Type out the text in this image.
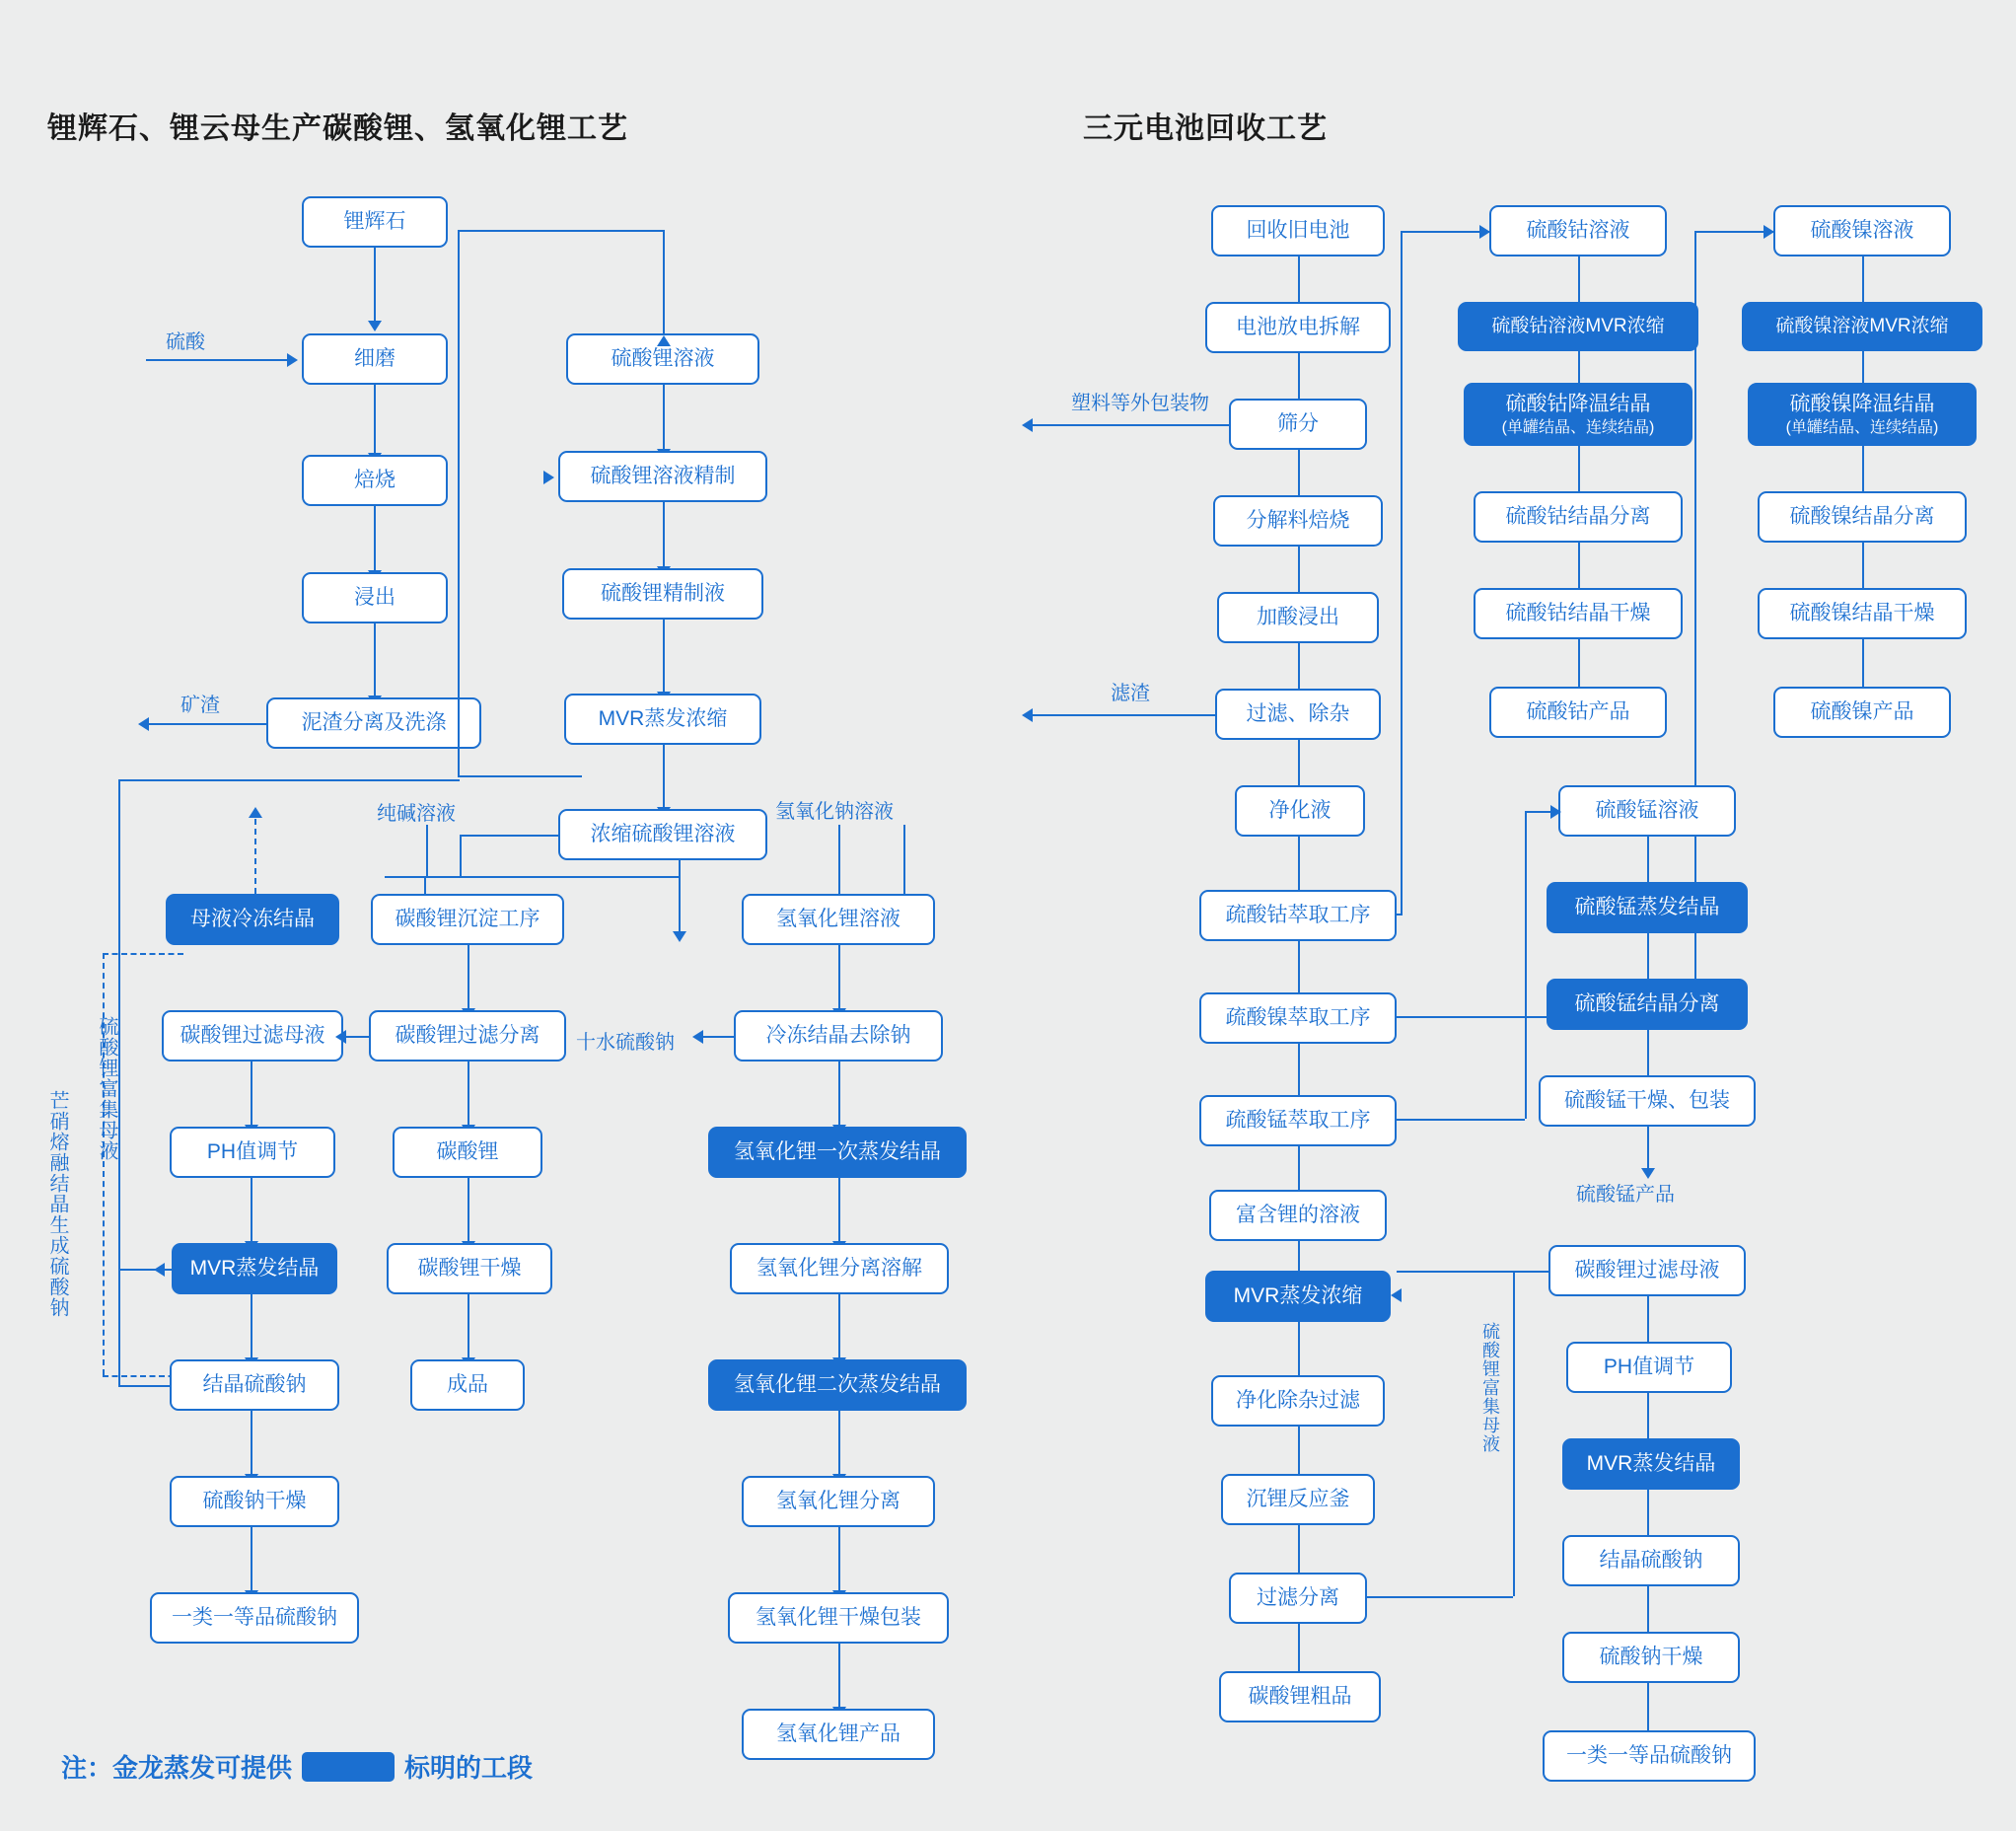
锂辉石、锂云母生产碳酸锂、氢氧化锂工艺	三元电池回收工艺
锂辉石
细磨
硫酸
焙烧
浸出
泥渣分离及洗涤
矿渣
硫酸锂溶液
硫酸锂溶液精制
硫酸锂精制液
MVR蒸发浓缩
浓缩硫酸锂溶液
纯碱溶液	氢氧化钠溶液
芒硝熔融结晶生成硫酸钠
硫酸锂富集母液
母液冷冻结晶	碳酸锂沉淀工序	氢氧化锂溶液
碳酸锂过滤母液	碳酸锂过滤分离	冷冻结晶去除钠
十水硫酸钠
PH值调节	碳酸锂	氢氧化锂一次蒸发结晶
MVR蒸发结晶	碳酸锂干燥	氢氧化锂分离溶解
结晶硫酸钠	成品	氢氧化锂二次蒸发结晶
硫酸钠干燥	氢氧化锂分离
一类一等品硫酸钠	氢氧化锂干燥包装
氢氧化锂产品
回收旧电池
电池放电拆解
筛分
塑料等外包装物
分解料焙烧
加酸浸出
过滤、除杂
滤渣
净化液
疏酸钴萃取工序
疏酸镍萃取工序
疏酸锰萃取工序
富含锂的溶液
MVR蒸发浓缩
净化除杂过滤
沉锂反应釜
过滤分离
碳酸锂粗品
硫酸钴溶液
硫酸钴溶液MVR浓缩
硫酸钴降温结晶
(单罐结晶、连续结晶)
硫酸钴结晶分离
硫酸钴结晶干燥
硫酸钴产品
硫酸镍溶液
硫酸镍溶液MVR浓缩
硫酸镍降温结晶
(单罐结晶、连续结晶)
硫酸镍结晶分离
硫酸镍结晶干燥
硫酸镍产品
硫酸锰溶液
硫酸锰蒸发结晶
硫酸锰结晶分离
硫酸锰干燥、包装
硫酸锰产品
碳酸锂过滤母液
PH值调节
MVR蒸发结晶
结晶硫酸钠
硫酸钠干燥
一类一等品硫酸钠
硫酸锂富集母液
注：金龙蒸发可提供	标明的工段
